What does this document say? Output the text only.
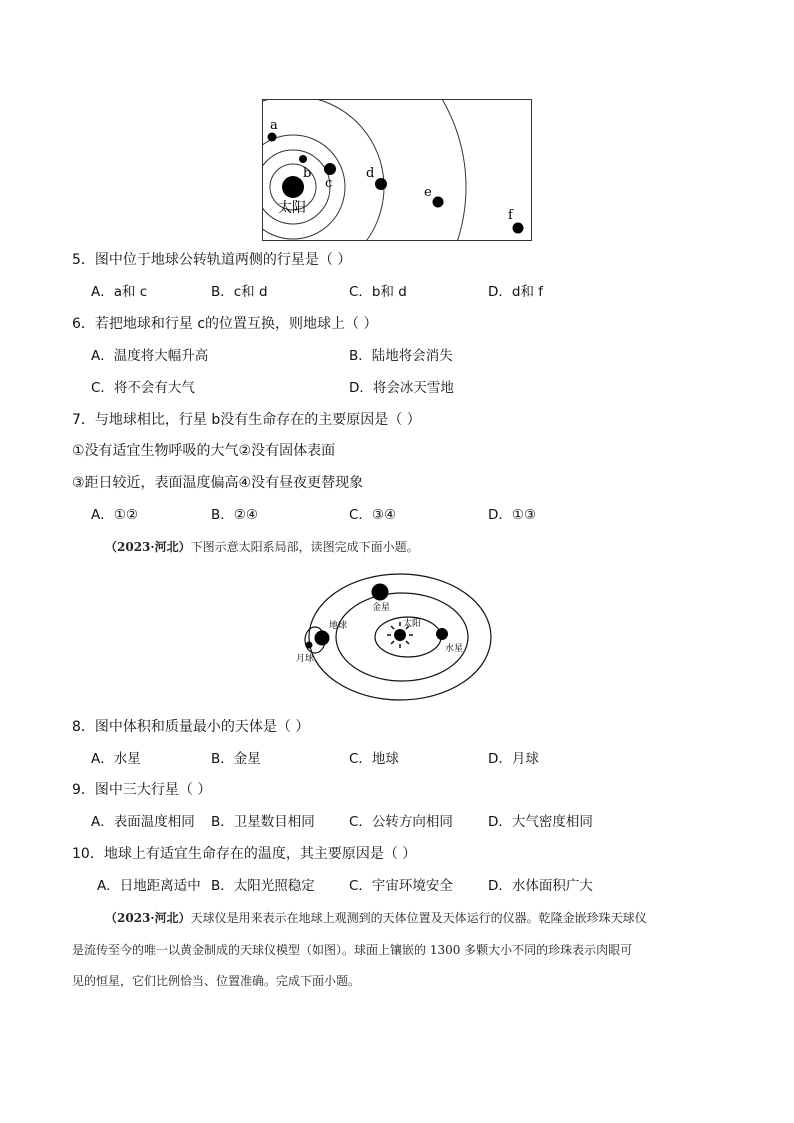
a
b
c
d
e
f
太阳
5．图中位于地球公转轨道两侧的行星是（ ）
A．a和 c	B．c和 d	C．b和 d	D．d和 f
6．若把地球和行星 c的位置互换，则地球上（ ）
A．温度将大幅升高	B．陆地将会消失
C．将不会有大气	D．将会冰天雪地
7．与地球相比，行星 b没有生命存在的主要原因是（ ）
①没有适宜生物呼吸的大气②没有固体表面
③距日较近，表面温度偏高④没有昼夜更替现象
A．①②	B．②④	C．③④	D．①③
（2023·河北）下图示意太阳系局部，读图完成下面小题。
金星
地球
月球
太阳
水星
8．图中体积和质量最小的天体是（ ）
A．水星	B．金星	C．地球	D．月球
9．图中三大行星（ ）
A．表面温度相同 B．卫星数目相同	C．公转方向相同	D．大气密度相同
10．地球上有适宜生命存在的温度，其主要原因是（ ）
A．日地距离适中 B．太阳光照稳定	C．宇宙环境安全	D．水体面积广大
（2023·河北）天球仪是用来表示在地球上观测到的天体位置及天体运行的仪器。乾隆金嵌珍珠天球仪
是流传至今的唯一以黄金制成的天球仪模型（如图）。球面上镶嵌的 1300 多颗大小不同的珍珠表示肉眼可
见的恒星，它们比例恰当、位置准确。完成下面小题。
